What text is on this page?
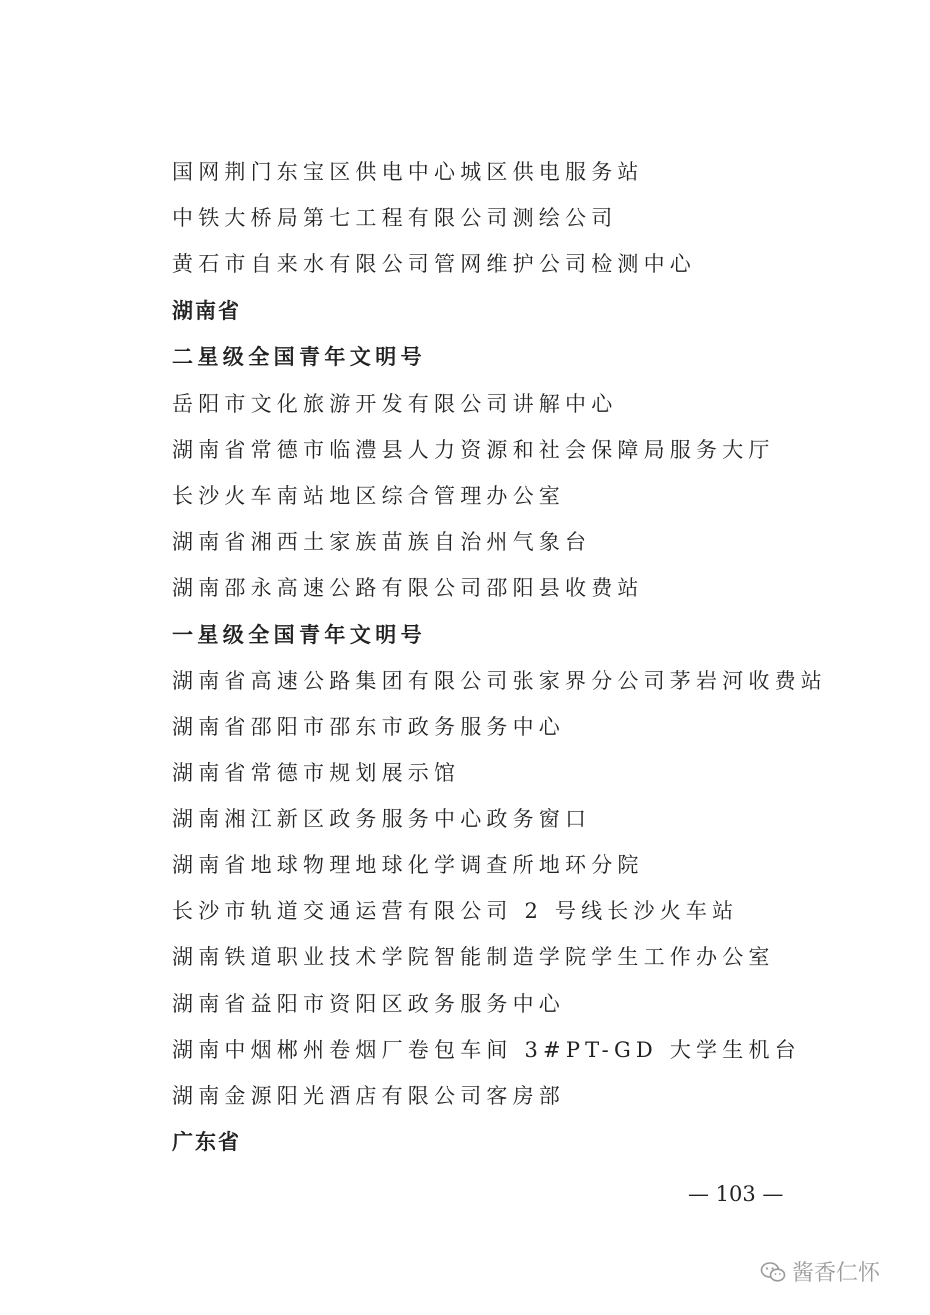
国网荆门东宝区供电中心城区供电服务站
中铁大桥局第七工程有限公司测绘公司
黄石市自来水有限公司管网维护公司检测中心
湖南省
二星级全国青年文明号
岳阳市文化旅游开发有限公司讲解中心
湖南省常德市临澧县人力资源和社会保障局服务大厅
长沙火车南站地区综合管理办公室
湖南省湘西土家族苗族自治州气象台
湖南邵永高速公路有限公司邵阳县收费站
一星级全国青年文明号
湖南省高速公路集团有限公司张家界分公司茅岩河收费站
湖南省邵阳市邵东市政务服务中心
湖南省常德市规划展示馆
湖南湘江新区政务服务中心政务窗口
湖南省地球物理地球化学调查所地环分院
长沙市轨道交通运营有限公司 2 号线长沙火车站
湖南铁道职业技术学院智能制造学院学生工作办公室
湖南省益阳市资阳区政务服务中心
湖南中烟郴州卷烟厂卷包车间 3#PT-GD 大学生机台
湖南金源阳光酒店有限公司客房部
广东省
— 103 —
酱香仁怀
